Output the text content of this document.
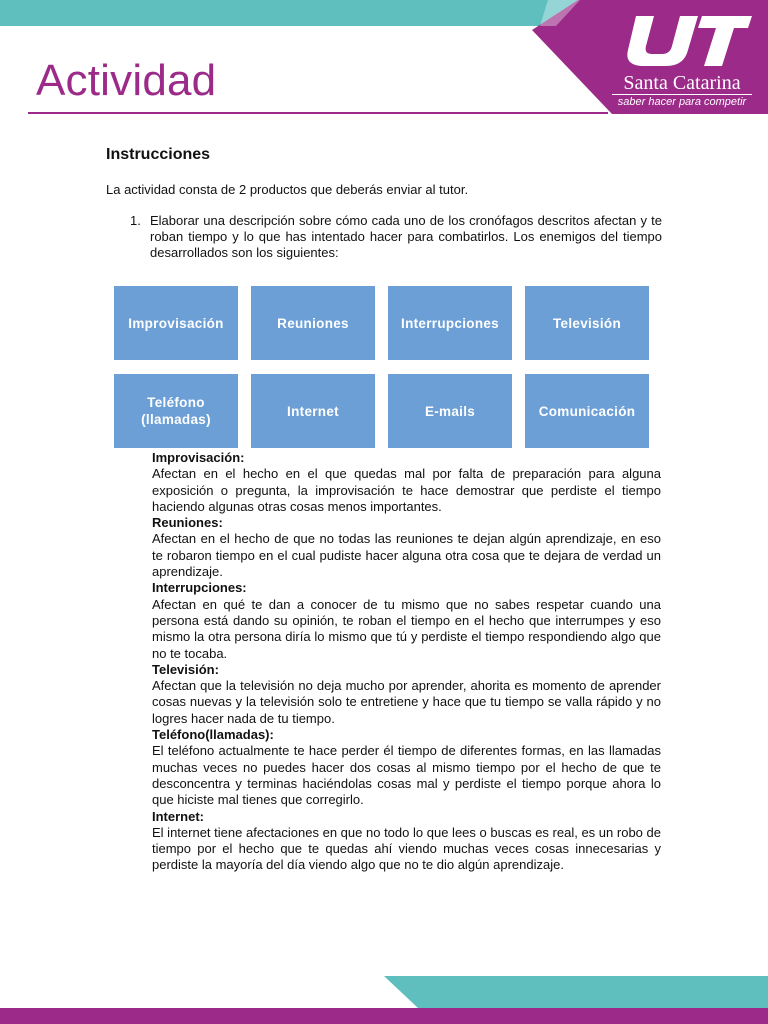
Santa Catarina
saber hacer para competir
Actividad
Instrucciones

La actividad consta de 2 productos que deberás enviar al tutor.

1. Elaborar una descripción sobre cómo cada uno de los cronófagos descritos afectan y te roban tiempo y lo que has intentado hacer para combatirlos. Los enemigos del tiempo desarrollados son los siguientes:
Improvisación	Reuniones	Interrupciones	Televisión
Teléfono
(llamadas)
Internet	E-mails	Comunicación
Improvisación:
Afectan en el hecho en el que quedas mal por falta de preparación para alguna exposición o pregunta, la improvisación te hace demostrar que perdiste el tiempo haciendo algunas otras cosas menos importantes.
Reuniones:
Afectan en el hecho de que no todas las reuniones te dejan algún aprendizaje, en eso te robaron tiempo en el cual pudiste hacer alguna otra cosa que te dejara de verdad un aprendizaje.
Interrupciones:
Afectan en qué te dan a conocer de tu mismo que no sabes respetar cuando una persona está dando su opinión, te roban el tiempo en el hecho que interrumpes y eso mismo la otra persona diría lo mismo que tú y perdiste el tiempo respondiendo algo que no te tocaba.
Televisión:
Afectan que la televisión no deja mucho por aprender, ahorita es momento de aprender cosas nuevas y la televisión solo te entretiene y hace que tu tiempo se valla rápido y no logres hacer nada de tu tiempo.
Teléfono(llamadas):
El teléfono actualmente te hace perder él tiempo de diferentes formas, en las llamadas muchas veces no puedes hacer dos cosas al mismo tiempo por el hecho de que te desconcentra y terminas haciéndolas cosas mal y perdiste el tiempo porque ahora lo que hiciste mal tienes que corregirlo.
Internet:
El internet tiene afectaciones en que no todo lo que lees o buscas es real, es un robo de tiempo por el hecho que te quedas ahí viendo muchas veces cosas innecesarias y perdiste la mayoría del día viendo algo que no te dio algún aprendizaje.
